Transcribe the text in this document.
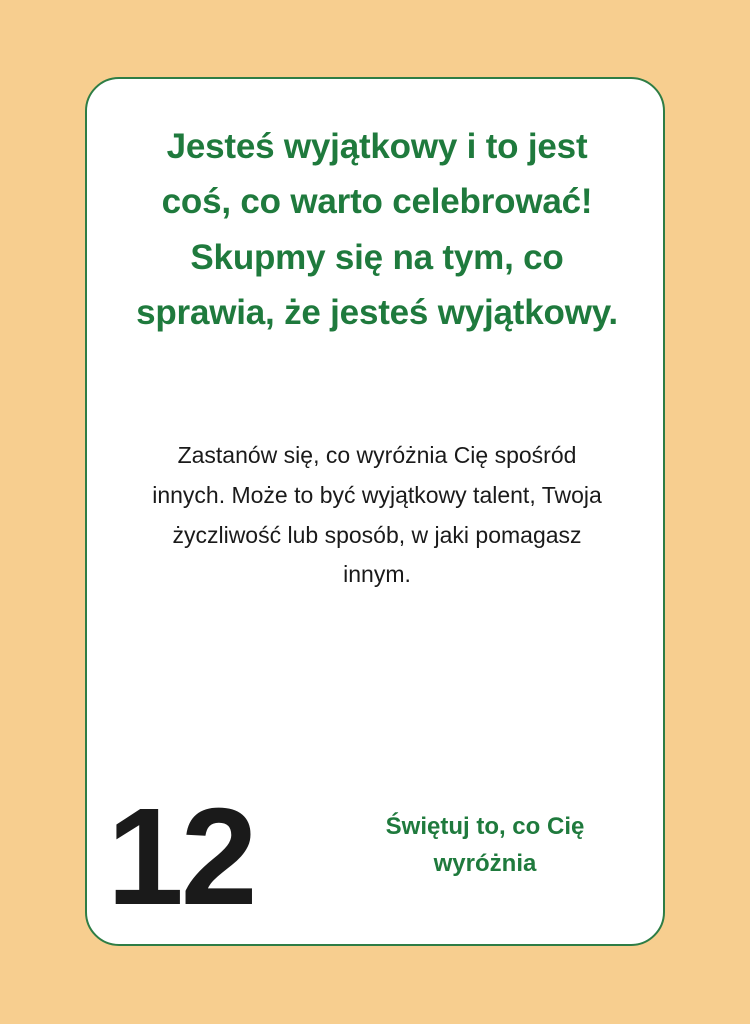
Jesteś wyjątkowy i to jest coś, co warto celebrować! Skupmy się na tym, co sprawia, że jesteś wyjątkowy.
Zastanów się, co wyróżnia Cię spośród innych. Może to być wyjątkowy talent, Twoja życzliwość lub sposób, w jaki pomagasz innym.
12	Świętuj to, co Cię wyróżnia
